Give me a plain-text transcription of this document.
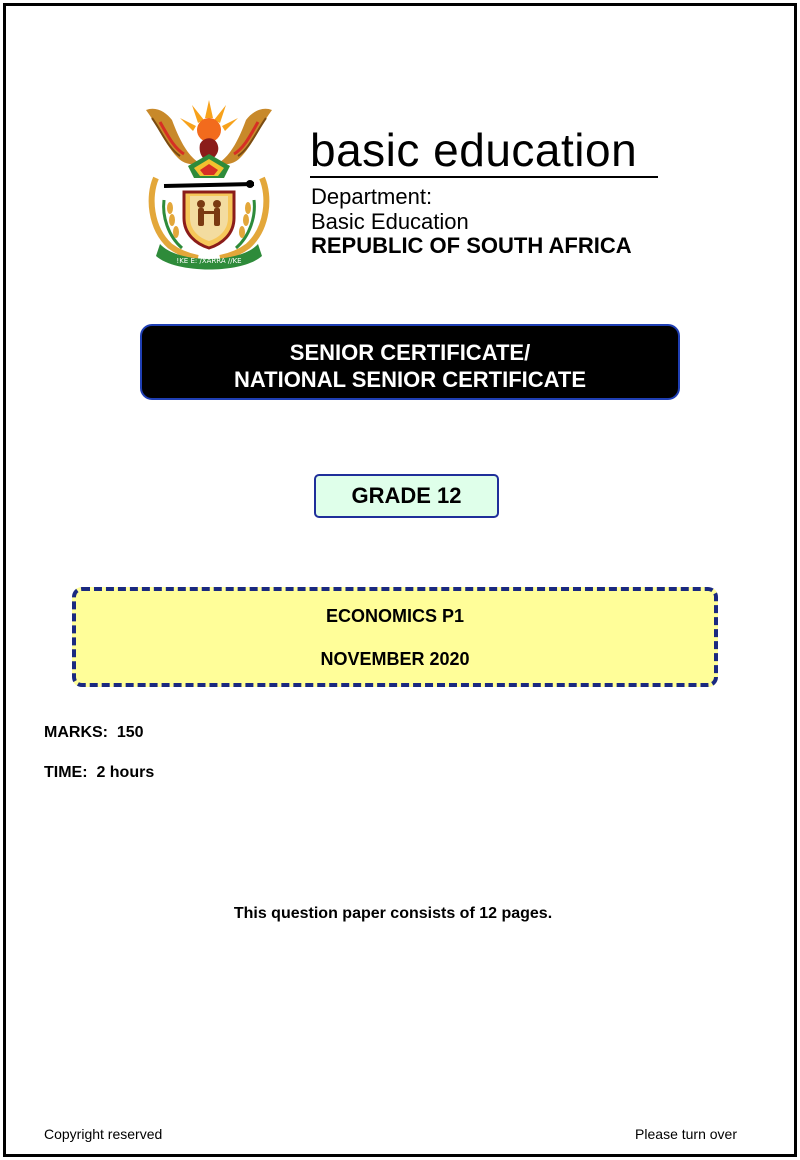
!KE E: /XARRA //KE
basic education
Department:
Basic Education
REPUBLIC OF SOUTH AFRICA
SENIOR CERTIFICATE/
NATIONAL SENIOR CERTIFICATE
GRADE 12
ECONOMICS P1
NOVEMBER 2020
MARKS:  150
TIME:  2 hours
This question paper consists of 12 pages.
Copyright reserved	Please turn over
